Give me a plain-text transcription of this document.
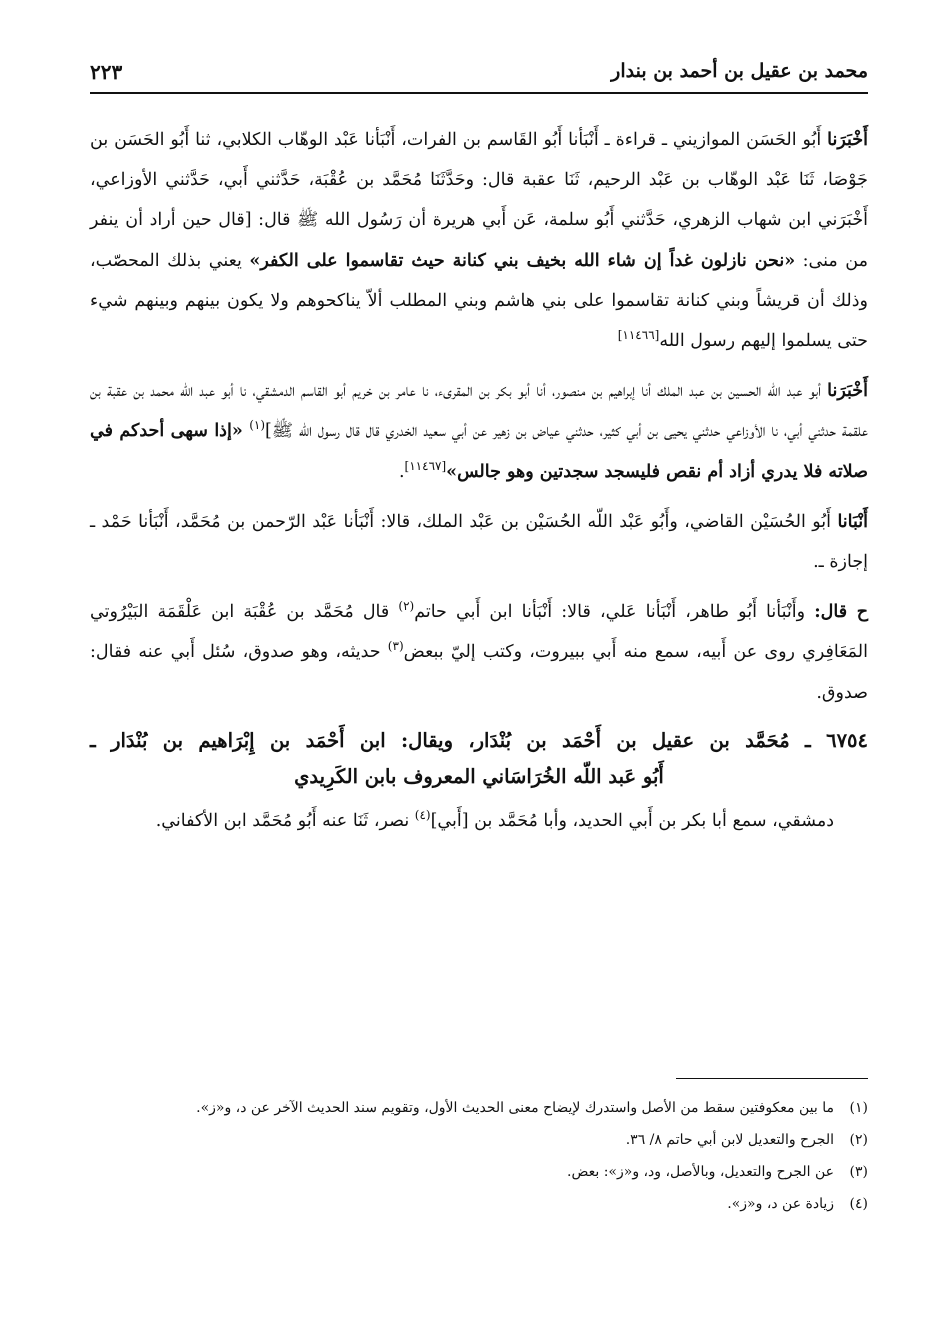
محمد بن عقيل بن أحمد بن بندار
٢٢٣

أَخْبَرَنا أَبُو الحَسَن الموازيني ـ قراءة ـ أَنْبَأنا أَبُو القَاسم بن الفرات، أَنْبَأنا عَبْد الوهّاب الكلابي، ثنا أَبُو الحَسَن بن جَوْصَا، ثَنَا عَبْد الوهّاب بن عَبْد الرحيم، ثَنَا عقبة قال: وحَدَّثَنَا مُحَمَّد بن عُقْبَة، حَدَّثني أَبي، حَدَّثني الأوزاعي، أَخْبَرَني ابن شهاب الزهري، حَدَّثني أَبُو سلمة، عَن أَبي هريرة أن رَسُول الله ﷺ قال: [قال حين أراد أن ينفر من منى: «نحن نازلون غداً إن شاء الله بخيف بني كنانة حيث تقاسموا على الكفر» يعني بذلك المحصّب، وذلك أن قريشاً وبني كنانة تقاسموا على بني هاشم وبني المطلب ألاّ يناكحوهم ولا يكون بينهم وبينهم شيء حتى يسلموا إليهم رسول الله[١١٤٦٦]

أَخْبَرَنا أبو عبد اللّه الحسين بن عبد الملك أنا إبراهيم بن منصور، أنا أبو بكر بن المقرىء، نا عامر بن خريم أبو القاسم الدمشقي، نا أبو عبد اللّه محمد بن عقبة بن علقمة حدثني أبي، نا الأوزاعي حدثني يحيى بن أبي كثير، حدثني عياض بن زهير عن أبي سعيد الخدري قال قال رسول الله ﷺ]$^{(١)}$ «إذا سهى أحدكم في صلاته فلا يدري أزاد أم نقص فليسجد سجدتين وهو جالس»[١١٤٦٧].

أَنْبَانا أَبُو الحُسَيْن القاضي، وأَبُو عَبْد اللّه الحُسَيْن بن عَبْد الملك، قالا: أَنْبَأنا عَبْد الرّحمن بن مُحَمَّد، أَنْبَأنا حَمْد ـ إجازة ـ.

ح قال: وأَنْبَأنا أَبُو طاهر، أَنْبَأنا عَلي، قالا: أَنْبَأنا ابن أَبي حاتم$^{(٢)}$ قال مُحَمَّد بن عُقْبَة ابن عَلْقَمَة البَيْرُوتي المَعَافِري روى عن أَبيه، سمع منه أَبي ببيروت، وكتب إليّ ببعض$^{(٣)}$ حديثه، وهو صدوق، سُئل أَبي عنه فقال: صدوق.

٦٧٥٤ ـ مُحَمَّد بن عقيل بن أَحْمَد بن بُنْدَار، ويقال: ابن أَحْمَد بن إِبْرَاهيم بن بُنْدَار ـ
أَبُو عَبد اللّه الخُرَاسَاني المعروف بابن الكَرِيدي

دمشقي، سمع أبا بكر بن أَبي الحديد، وأبا مُحَمَّد بن [أَبي]$^{(٤)}$ نصر، ثَنَا عنه أَبُو مُحَمَّد ابن الأكفاني.

(١)
ما بين معكوفتين سقط من الأصل واستدرك لإيضاح معنى الحديث الأول، وتقويم سند الحديث الآخر عن د، و«ز».
(٢)
الجرح والتعديل لابن أبي حاتم ٨/ ٣٦.
(٣)
عن الجرح والتعديل، وبالأصل، ود، و«ز»: بعض.
(٤)
زيادة عن د، و«ز».
